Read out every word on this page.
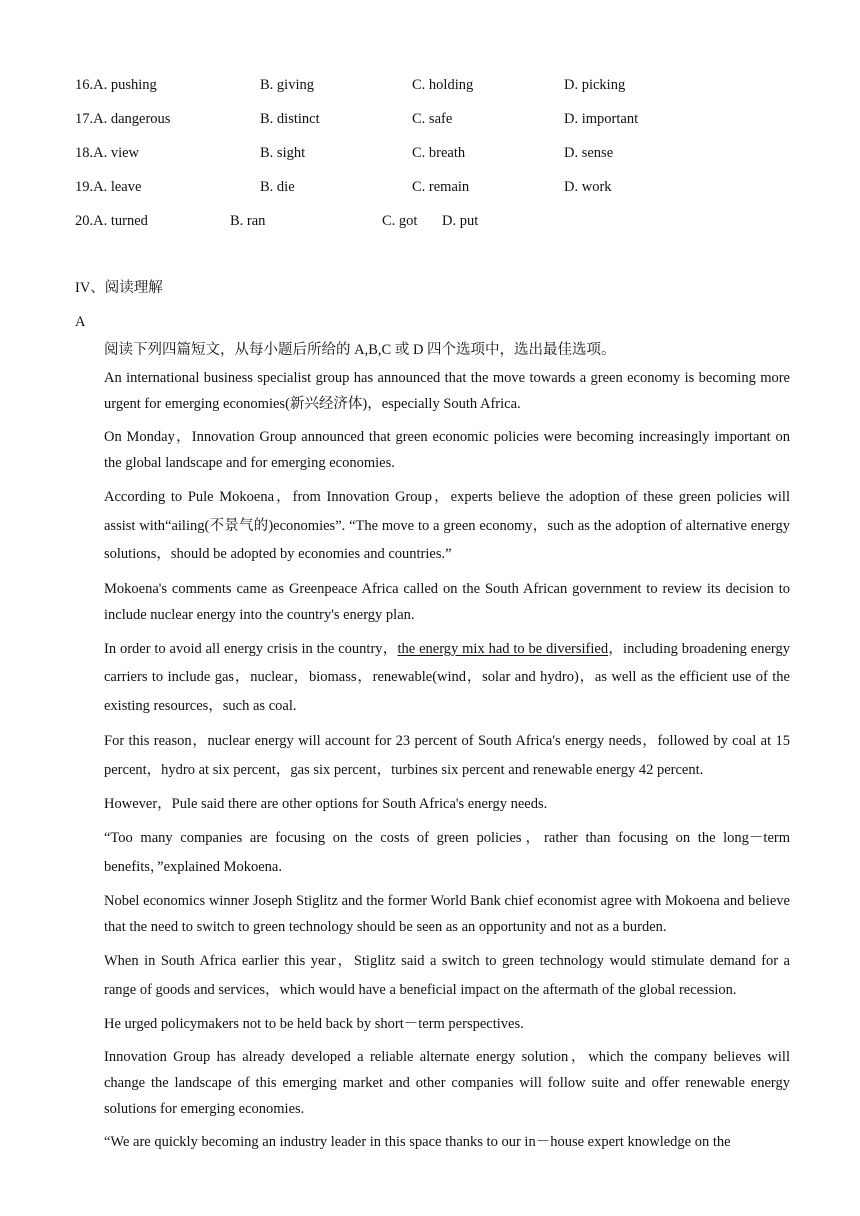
16.A. pushing	B. giving	C. holding	D. picking
17.A. dangerous	B. distinct	C. safe	D. important
18.A. view	B. sight	C. breath	D. sense
19.A. leave	B. die	C. remain	D. work
20.A. turned	B. ran	C. got D. put
IV、阅读理解
A

阅读下列四篇短文，从每小题后所给的 A,B,C 或 D 四个选项中，选出最佳选项。

An international business specialist group has announced that the move towards a green economy is becoming more urgent for emerging economies(新兴经济体)，especially South Africa.

On Monday，Innovation Group announced that green economic policies were becoming increasingly important on the global landscape and for emerging economies.

According to Pule Mokoena，from Innovation Group，experts believe the adoption of these green policies will assist with“ailing(不景气的)economies”. “The move to a green economy，such as the adoption of alternative energy solutions，should be adopted by economies and countries.”

Mokoena's comments came as Greenpeace Africa called on the South African government to review its decision to include nuclear energy into the country's energy plan.

In order to avoid all energy crisis in the country，the energy mix had to be diversified，including broadening energy carriers to include gas，nuclear，biomass，renewable(wind，solar and hydro)，as well as the efficient use of the existing resources，such as coal.

For this reason，nuclear energy will account for 23 percent of South Africa's energy needs，followed by coal at 15 percent，hydro at six percent，gas six percent，turbines six percent and renewable energy 42 percent.

However，Pule said there are other options for South Africa's energy needs.

“Too many companies are focusing on the costs of green policies，rather than focusing on the long－term benefits，”explained Mokoena.

Nobel economics winner Joseph Stiglitz and the former World Bank chief economist agree with Mokoena and believe that the need to switch to green technology should be seen as an opportunity and not as a burden.

When in South Africa earlier this year，Stiglitz said a switch to green technology would stimulate demand for a range of goods and services，which would have a beneficial impact on the aftermath of the global recession.

He urged policymakers not to be held back by short－term perspectives.

Innovation Group has already developed a reliable alternate energy solution，which the company believes will change the landscape of this emerging market and other companies will follow suite and offer renewable energy solutions for emerging economies.

“We are quickly becoming an industry leader in this space thanks to our in－house expert knowledge on the
